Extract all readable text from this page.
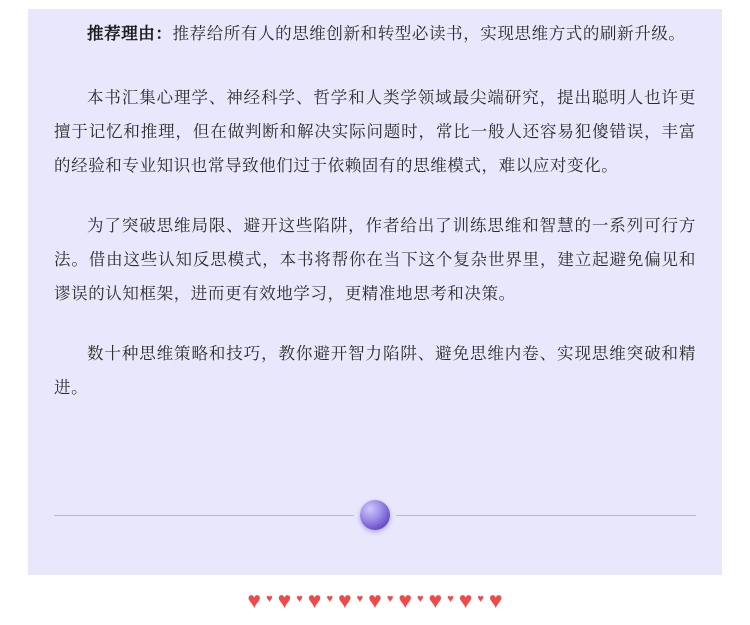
推荐理由：推荐给所有人的思维创新和转型必读书，实现思维方式的刷新升级。

本书汇集心理学、神经科学、哲学和人类学领域最尖端研究，提出聪明人也许更擅于记忆和推理，但在做判断和解决实际问题时，常比一般人还容易犯傻错误，丰富的经验和专业知识也常导致他们过于依赖固有的思维模式，难以应对变化。

为了突破思维局限、避开这些陷阱，作者给出了训练思维和智慧的一系列可行方法。借由这些认知反思模式，本书将帮你在当下这个复杂世界里，建立起避免偏见和谬误的认知框架，进而更有效地学习，更精准地思考和决策。

数十种思维策略和技巧，教你避开智力陷阱、避免思维内卷、实现思维突破和精进。

♥ ♥ ♥ ♥ ♥ ♥ ♥ ♥ ♥ ♥ ♥ ♥ ♥ ♥ ♥ ♥ ♥
